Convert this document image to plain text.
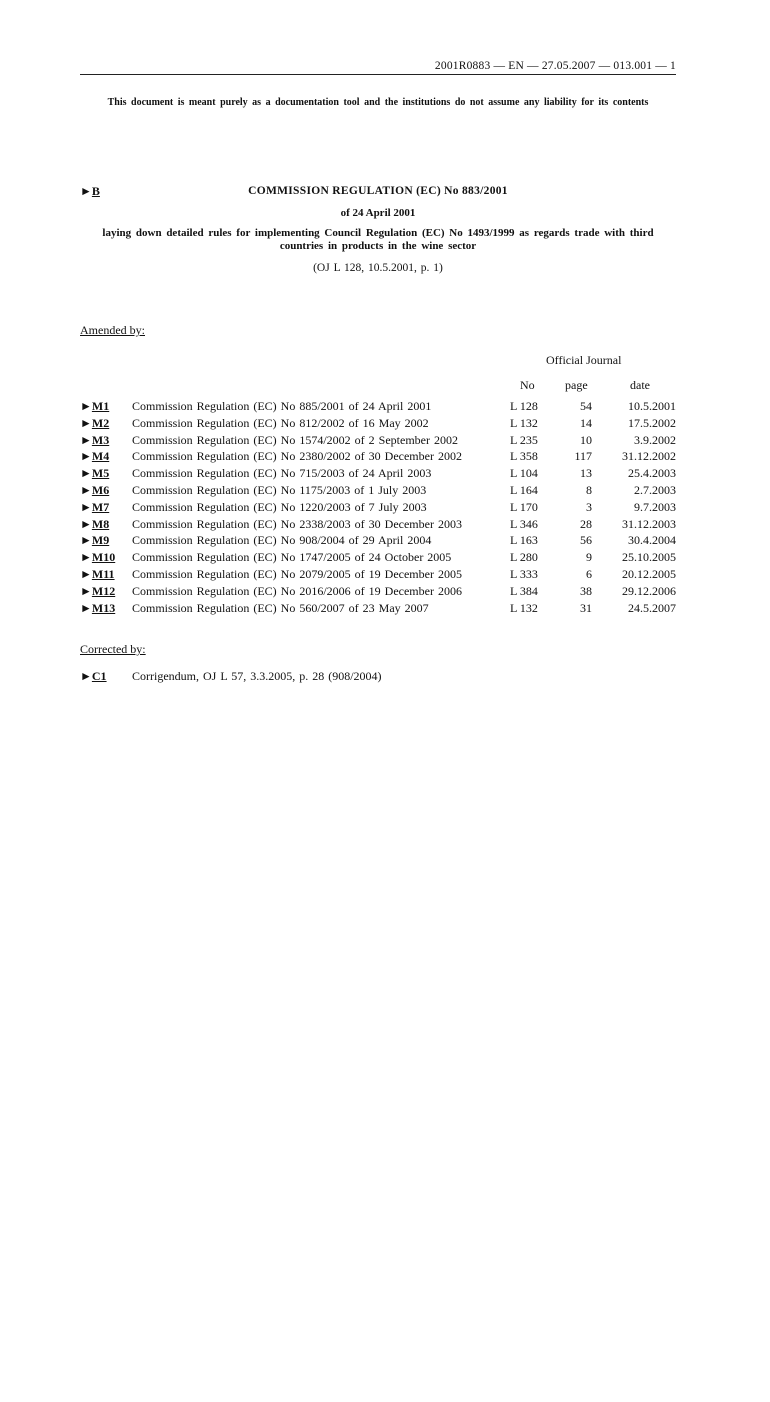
2001R0883 — EN — 27.05.2007 — 013.001 — 1
This document is meant purely as a documentation tool and the institutions do not assume any liability for its contents
►B	COMMISSION REGULATION (EC) No 883/2001
of 24 April 2001
laying down detailed rules for implementing Council Regulation (EC) No 1493/1999 as regards trade with third countries in products in the wine sector
(OJ L 128, 10.5.2001, p. 1)
Amended by:
Official Journal
No	page	date
►M1 Commission Regulation (EC) No 885/2001 of 24 April 2001	L 128	54	10.5.2001
►M2 Commission Regulation (EC) No 812/2002 of 16 May 2002	L 132	14	17.5.2002
►M3 Commission Regulation (EC) No 1574/2002 of 2 September 2002	L 235	10	3.9.2002
►M4 Commission Regulation (EC) No 2380/2002 of 30 December 2002	L 358	117	31.12.2002
►M5 Commission Regulation (EC) No 715/2003 of 24 April 2003	L 104	13	25.4.2003
►M6 Commission Regulation (EC) No 1175/2003 of 1 July 2003	L 164	8	2.7.2003
►M7 Commission Regulation (EC) No 1220/2003 of 7 July 2003	L 170	3	9.7.2003
►M8 Commission Regulation (EC) No 2338/2003 of 30 December 2003	L 346	28	31.12.2003
►M9 Commission Regulation (EC) No 908/2004 of 29 April 2004	L 163	56	30.4.2004
►M10 Commission Regulation (EC) No 1747/2005 of 24 October 2005	L 280	9	25.10.2005
►M11 Commission Regulation (EC) No 2079/2005 of 19 December 2005	L 333	6	20.12.2005
►M12 Commission Regulation (EC) No 2016/2006 of 19 December 2006	L 384	38	29.12.2006
►M13 Commission Regulation (EC) No 560/2007 of 23 May 2007	L 132	31	24.5.2007
Corrected by:
►C1 Corrigendum, OJ L 57, 3.3.2005, p. 28 (908/2004)
